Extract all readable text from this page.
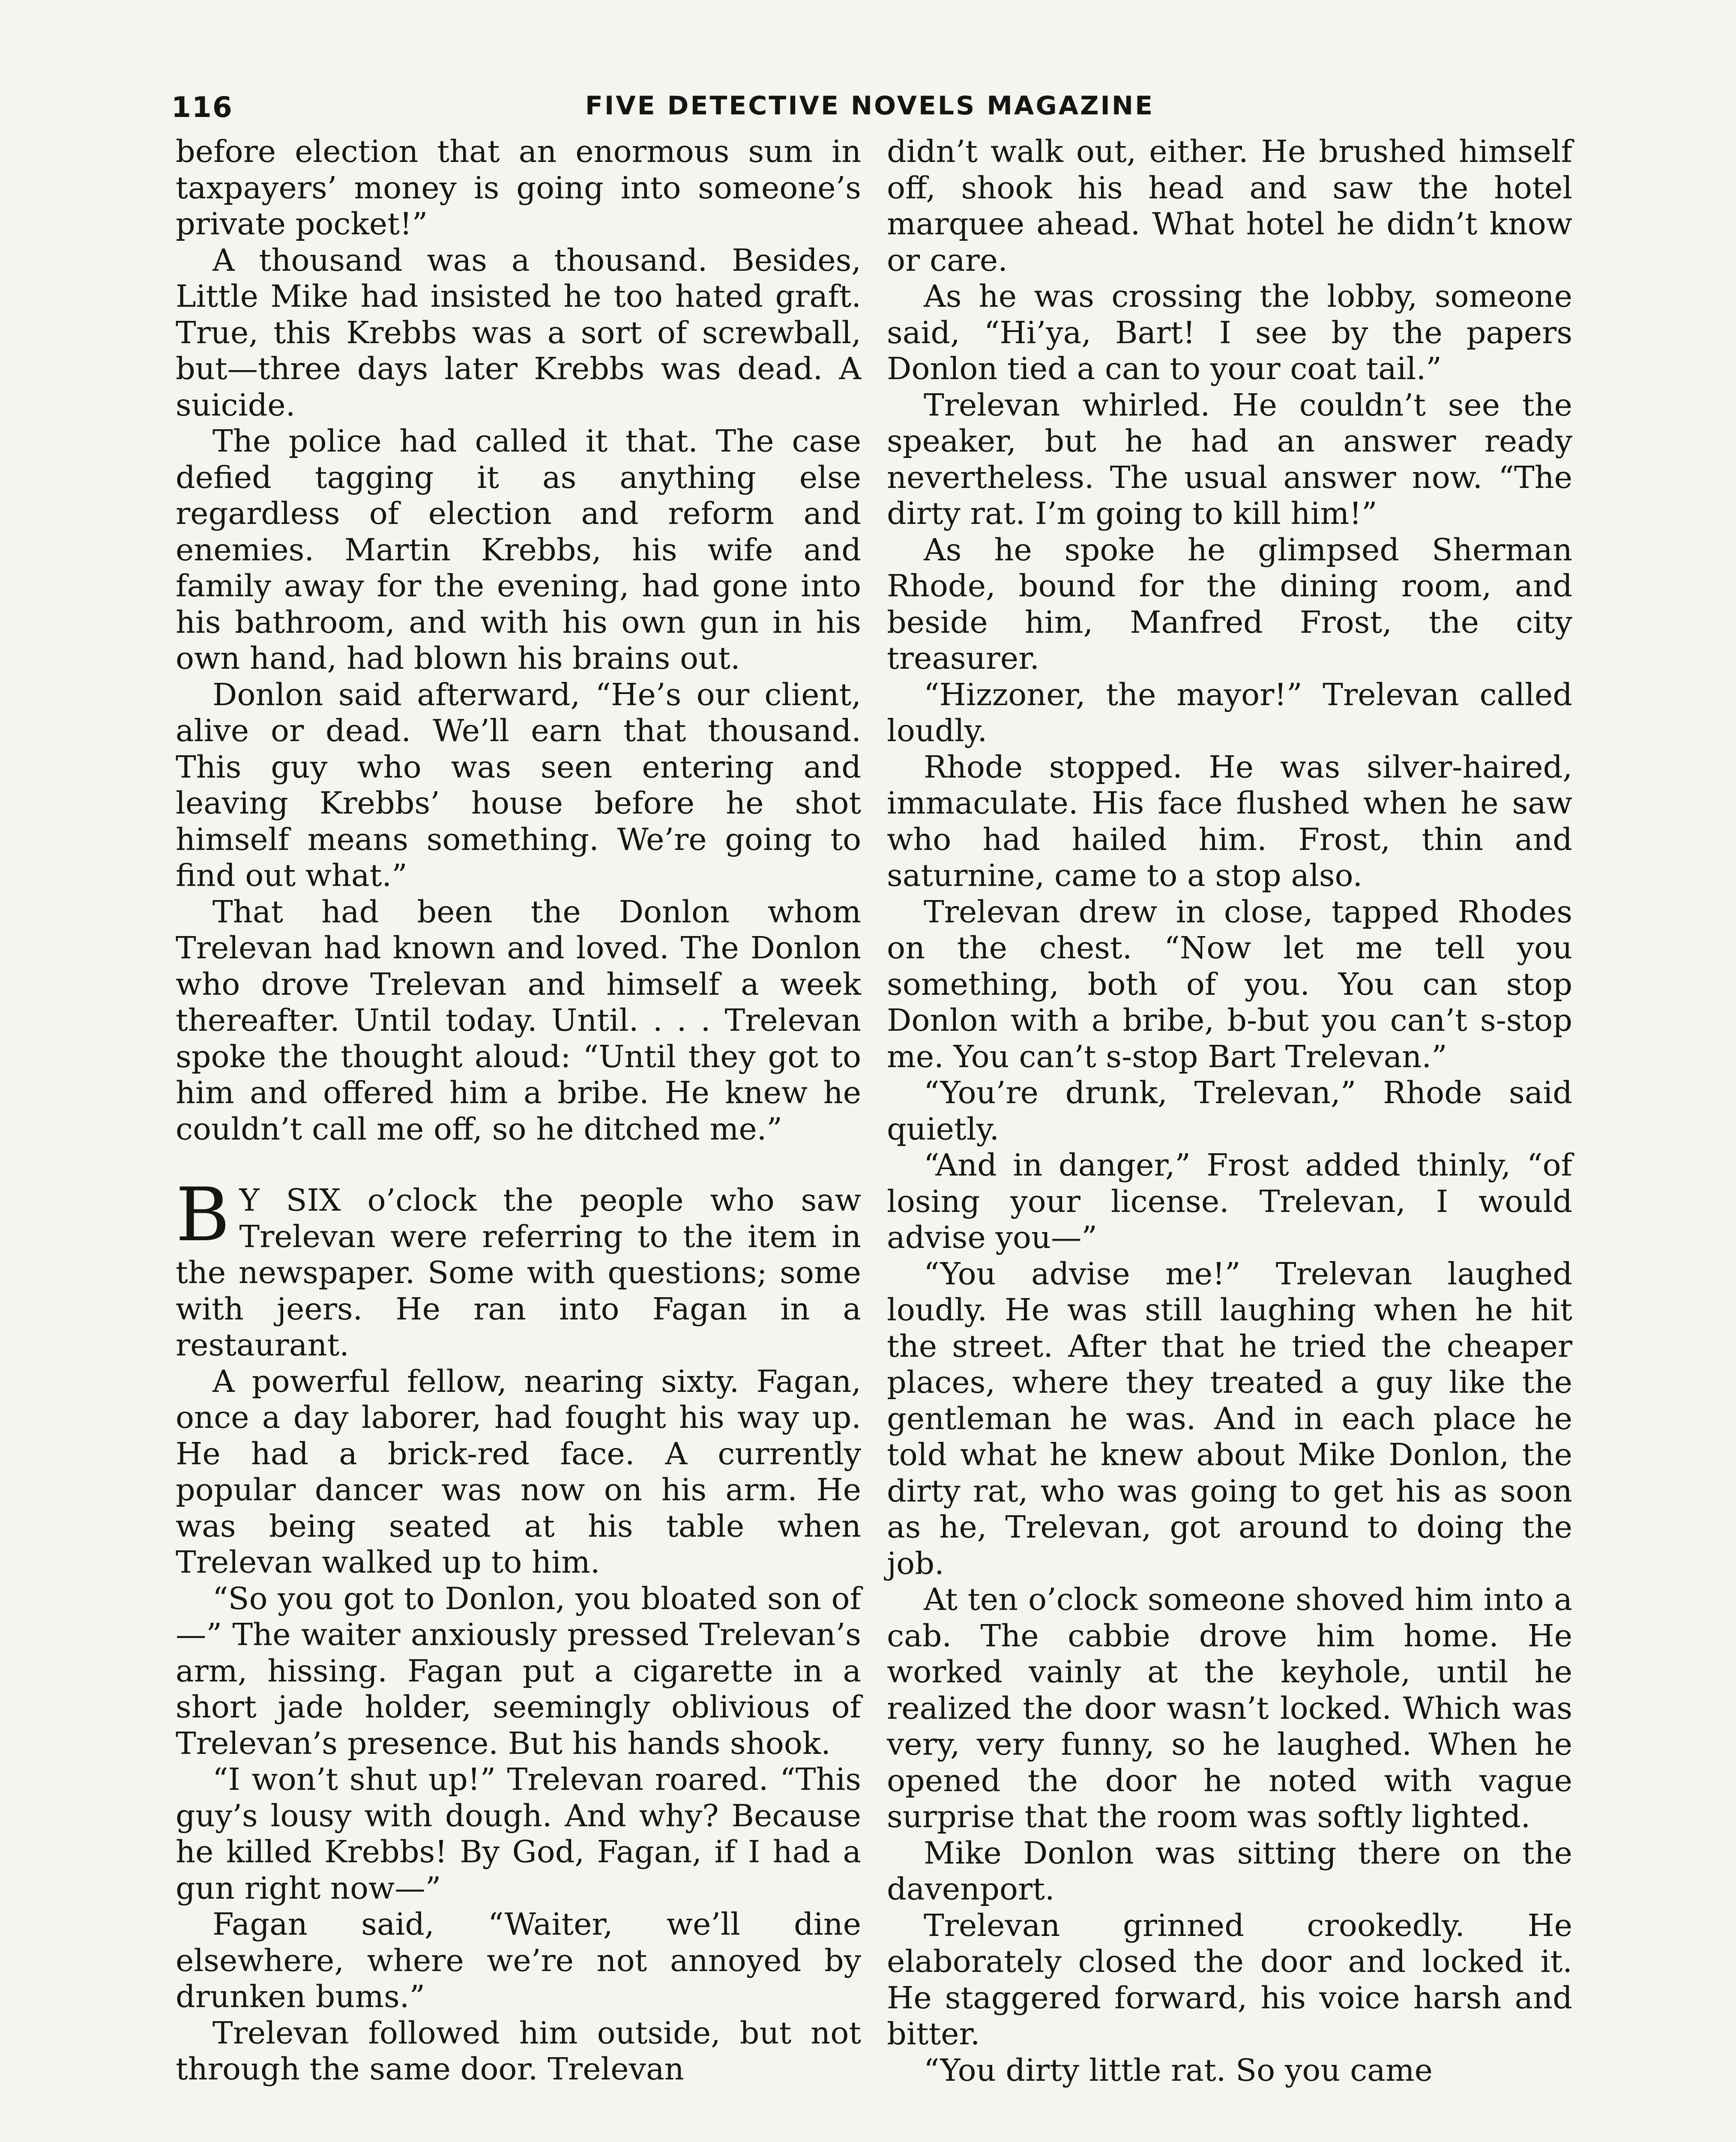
116	FIVE DETECTIVE NOVELS MAGAZINE

before election that an enormous sum in taxpayers’ money is going into someone’s private pocket!”

A thousand was a thousand. Besides, Little Mike had insisted he too hated graft. True, this Krebbs was a sort of screwball, but—three days later Krebbs was dead. A suicide.

The police had called it that. The case defied tagging it as anything else regardless of election and reform and enemies. Martin Krebbs, his wife and family away for the evening, had gone into his bathroom, and with his own gun in his own hand, had blown his brains out.

Donlon said afterward, “He’s our client, alive or dead. We’ll earn that thousand. This guy who was seen entering and leaving Krebbs’ house before he shot himself means something. We’re going to find out what.”

That had been the Donlon whom Trelevan had known and loved. The Donlon who drove Trelevan and himself a week thereafter. Until today. Until. . . . Trelevan spoke the thought aloud: “Until they got to him and offered him a bribe. He knew he couldn’t call me off, so he ditched me.”

B Y SIX o’clock the people who saw Trelevan were referring to the item in the newspaper. Some with questions; some with jeers. He ran into Fagan in a restaurant.

A powerful fellow, nearing sixty. Fagan, once a day laborer, had fought his way up. He had a brick-red face. A currently popular dancer was now on his arm. He was being seated at his table when Trelevan walked up to him.

“So you got to Donlon, you bloated son of—” The waiter anxiously pressed Trelevan’s arm, hissing. Fagan put a cigarette in a short jade holder, seemingly oblivious of Trelevan’s presence. But his hands shook.

“I won’t shut up!” Trelevan roared. “This guy’s lousy with dough. And why? Because he killed Krebbs! By God, Fagan, if I had a gun right now—”

Fagan said, “Waiter, we’ll dine elsewhere, where we’re not annoyed by drunken bums.”

Trelevan followed him outside, but not through the same door. Trelevan

didn’t walk out, either. He brushed himself off, shook his head and saw the hotel marquee ahead. What hotel he didn’t know or care.

As he was crossing the lobby, someone said, “Hi’ya, Bart! I see by the papers Donlon tied a can to your coat tail.”

Trelevan whirled. He couldn’t see the speaker, but he had an answer ready nevertheless. The usual answer now. “The dirty rat. I’m going to kill him!”

As he spoke he glimpsed Sherman Rhode, bound for the dining room, and beside him, Manfred Frost, the city treasurer.

“Hizzoner, the mayor!” Trelevan called loudly.

Rhode stopped. He was silver-haired, immaculate. His face flushed when he saw who had hailed him. Frost, thin and saturnine, came to a stop also.

Trelevan drew in close, tapped Rhodes on the chest. “Now let me tell you something, both of you. You can stop Donlon with a bribe, b-but you can’t s-stop me. You can’t s-stop Bart Trelevan.”

“You’re drunk, Trelevan,” Rhode said quietly.

“And in danger,” Frost added thinly, “of losing your license. Trelevan, I would advise you—”

“You advise me!” Trelevan laughed loudly. He was still laughing when he hit the street. After that he tried the cheaper places, where they treated a guy like the gentleman he was. And in each place he told what he knew about Mike Donlon, the dirty rat, who was going to get his as soon as he, Trelevan, got around to doing the job.

At ten o’clock someone shoved him into a cab. The cabbie drove him home. He worked vainly at the keyhole, until he realized the door wasn’t locked. Which was very, very funny, so he laughed. When he opened the door he noted with vague surprise that the room was softly lighted.

Mike Donlon was sitting there on the davenport.

Trelevan grinned crookedly. He elaborately closed the door and locked it. He staggered forward, his voice harsh and bitter.

“You dirty little rat. So you came
